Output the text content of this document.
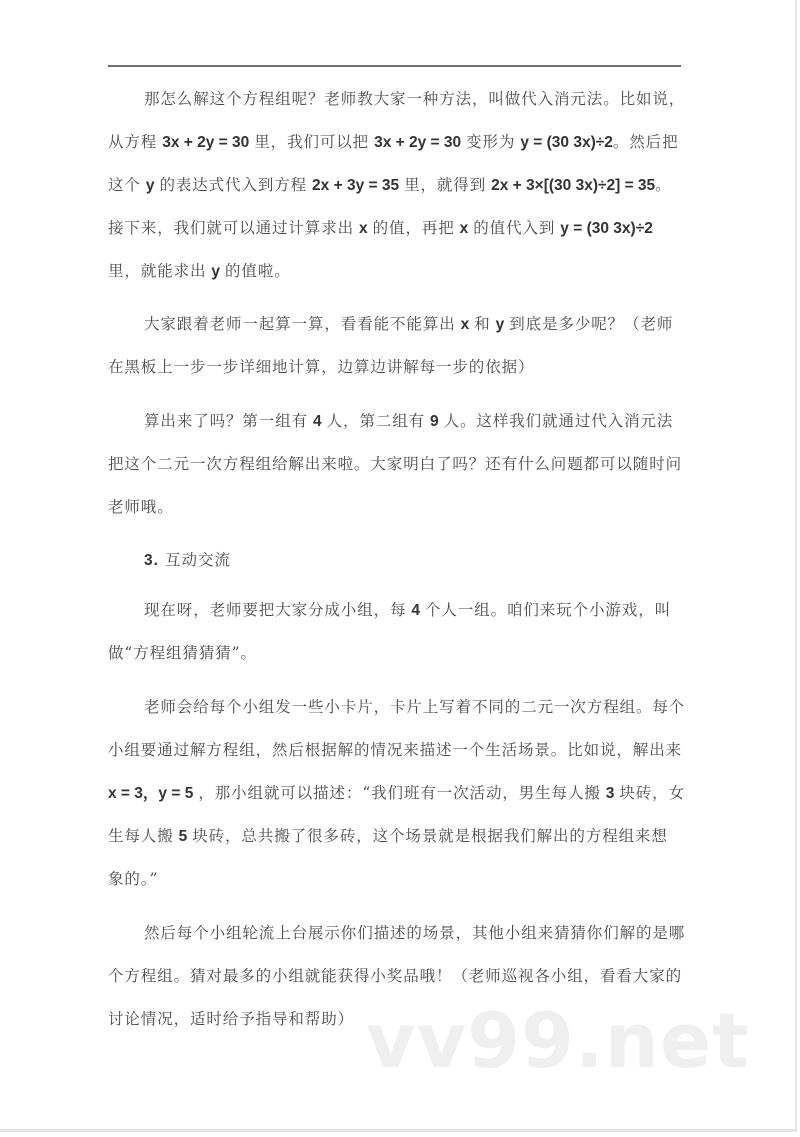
那怎么解这个方程组呢？老师教大家一种方法，叫做代入消元法。比如说，
从方程 3x + 2y = 30 里，我们可以把 3x + 2y = 30 变形为 y = (30 3x)÷2。然后把
这个 y 的表达式代入到方程 2x + 3y = 35 里，就得到 2x + 3×[(30 3x)÷2] = 35。
接下来，我们就可以通过计算求出 x 的值，再把 x 的值代入到 y = (30 3x)÷2
里，就能求出 y 的值啦。
大家跟着老师一起算一算，看看能不能算出 x 和 y 到底是多少呢？（老师
在黑板上一步一步详细地计算，边算边讲解每一步的依据）
算出来了吗？第一组有 4 人，第二组有 9 人。这样我们就通过代入消元法
把这个二元一次方程组给解出来啦。大家明白了吗？还有什么问题都可以随时问
老师哦。
3. 互动交流
现在呀，老师要把大家分成小组，每 4 个人一组。咱们来玩个小游戏，叫
做“方程组猜猜猜”。
老师会给每个小组发一些小卡片，卡片上写着不同的二元一次方程组。每个
小组要通过解方程组，然后根据解的情况来描述一个生活场景。比如说，解出来
x = 3，y = 5 ，那小组就可以描述：“我们班有一次活动，男生每人搬 3 块砖，女
生每人搬 5 块砖，总共搬了很多砖，这个场景就是根据我们解出的方程组来想
象的。”
然后每个小组轮流上台展示你们描述的场景，其他小组来猜猜你们解的是哪
个方程组。猜对最多的小组就能获得小奖品哦！（老师巡视各小组，看看大家的
讨论情况，适时给予指导和帮助） vv99.net
